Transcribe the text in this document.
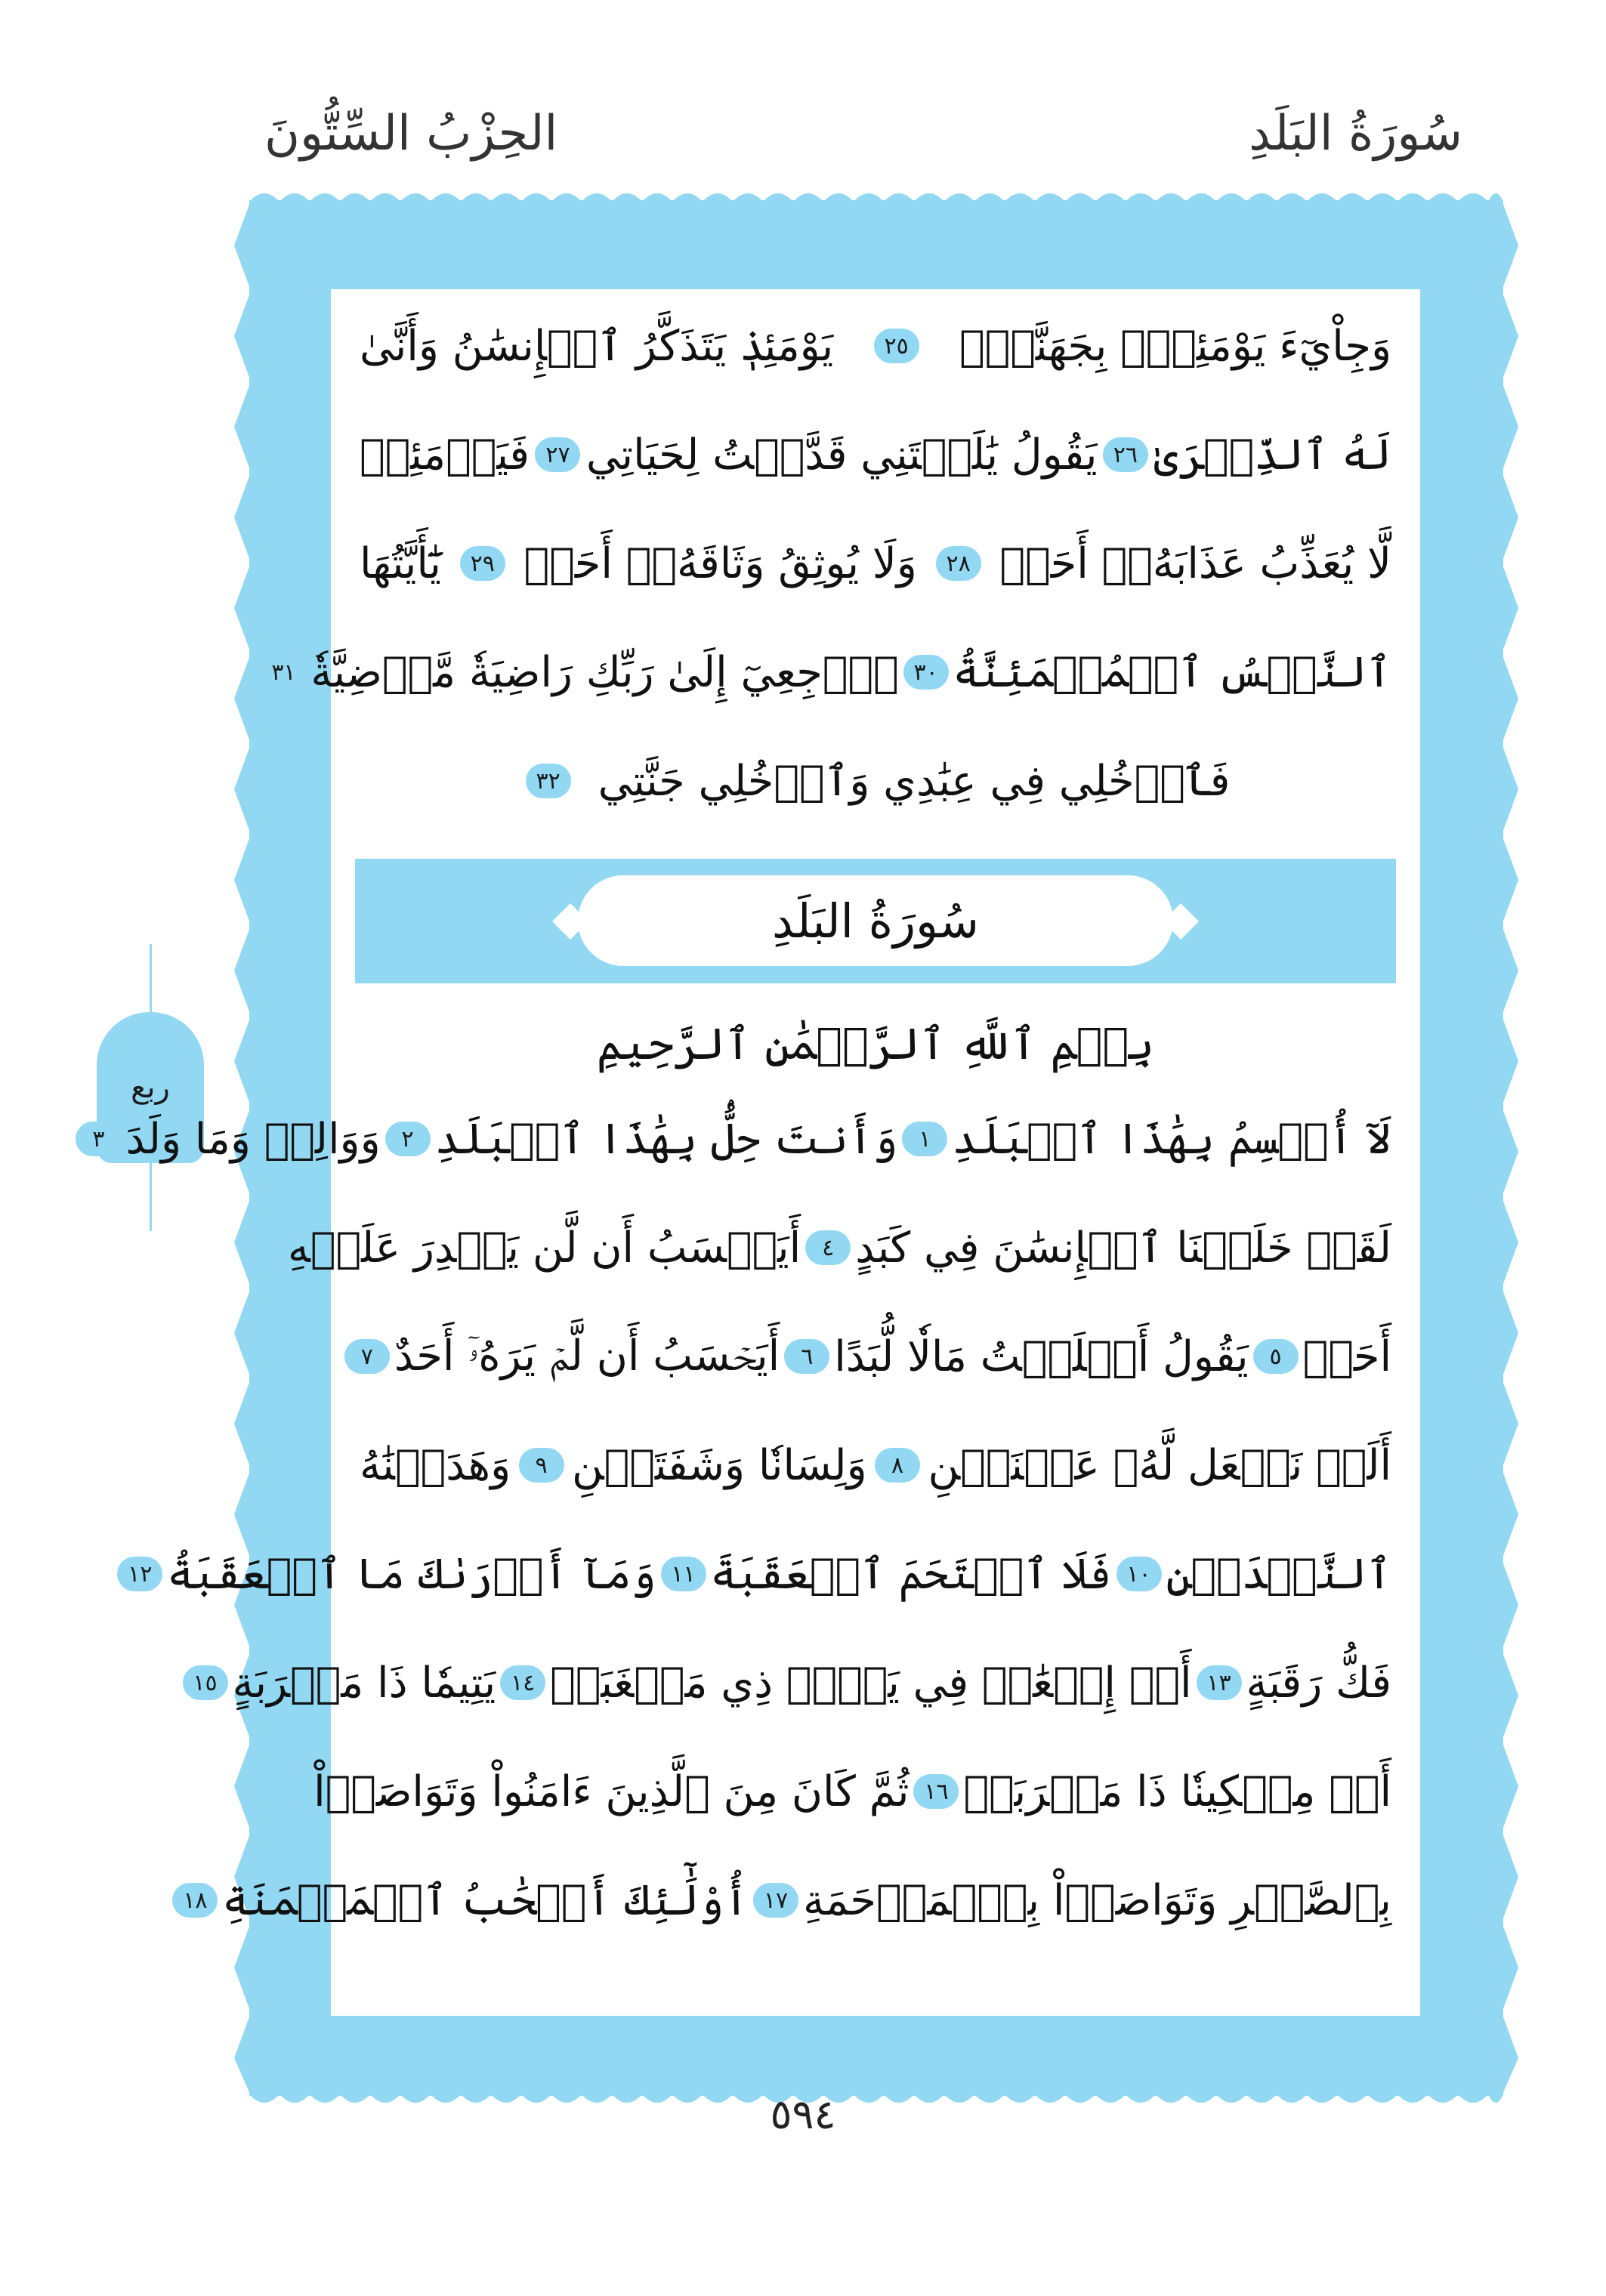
سُورَةُ البَلَدِ
الحِزْبُ السِّتُّونَ
ربع
وَجِاْيٓءَ يَوْمَئِذِۭ بِجَهَنَّمَۚ
٢٥
يَوْمَئِذٖ يَتَذَكَّرُ ٱلۡإِنسَٰنُ وَأَنَّىٰ
لَهُ ٱلذِّكۡرَىٰ
٢٦
يَقُولُ يَٰلَيۡتَنِي قَدَّمۡتُ لِحَيَاتِي
٢٧
فَيَوۡمَئِذٖ
لَّا يُعَذِّبُ عَذَابَهُۥٓ أَحَدٞ
٢٨
وَلَا يُوثِقُ وَثَاقَهُۥٓ أَحَدٞ
٢٩
يَٰٓأَيَّتُهَا
ٱلنَّفۡسُ ٱلۡمُطۡمَئِنَّةُ
٣٠
ٱرۡجِعِيٓ إِلَىٰ رَبِّكِ رَاضِيَةٗ مَّرۡضِيَّةٗ
٣١
فَٱدۡخُلِي فِي عِبَٰدِي وَٱدۡخُلِي جَنَّتِي
٣٢
سُورَةُ البَلَدِ
بِسۡمِ ٱللَّهِ ٱلرَّحۡمَٰنِ ٱلرَّحِيمِ
لَآ أُقۡسِمُ بِهَٰذَا ٱلۡبَلَدِ
١
وَأَنتَ حِلُّۢ بِهَٰذَا ٱلۡبَلَدِ
٢
وَوَالِدٖ وَمَا وَلَدَ
٣
لَقَدۡ خَلَقۡنَا ٱلۡإِنسَٰنَ فِي كَبَدٍ
٤
أَيَحۡسَبُ أَن لَّن يَقۡدِرَ عَلَيۡهِ
أَحَدٞ
٥
يَقُولُ أَهۡلَكۡتُ مَالٗا لُّبَدًا
٦
أَيَحۡسَبُ أَن لَّمۡ يَرَهُۥٓ أَحَدٌ
٧
أَلَمۡ نَجۡعَل لَّهُۥ عَيۡنَيۡنِ
٨
وَلِسَانٗا وَشَفَتَيۡنِ
٩
وَهَدَيۡنَٰهُ
ٱلنَّجۡدَيۡنِ
١٠
فَلَا ٱقۡتَحَمَ ٱلۡعَقَبَةَ
١١
وَمَآ أَدۡرَىٰكَ مَا ٱلۡعَقَبَةُ
١٢
فَكُّ رَقَبَةٍ
١٣
أَوۡ إِطۡعَٰمٞ فِي يَوۡمٖ ذِي مَسۡغَبَةٖ
١٤
يَتِيمٗا ذَا مَقۡرَبَةٍ
١٥
أَوۡ مِسۡكِينٗا ذَا مَتۡرَبَةٖ
١٦
ثُمَّ كَانَ مِنَ ٱلَّذِينَ ءَامَنُواْ وَتَوَاصَوۡاْ
بِٱلصَّبۡرِ وَتَوَاصَوۡاْ بِٱلۡمَرۡحَمَةِ
١٧
أُوْلَٰٓئِكَ أَصۡحَٰبُ ٱلۡمَيۡمَنَةِ
١٨
٥٩٤
